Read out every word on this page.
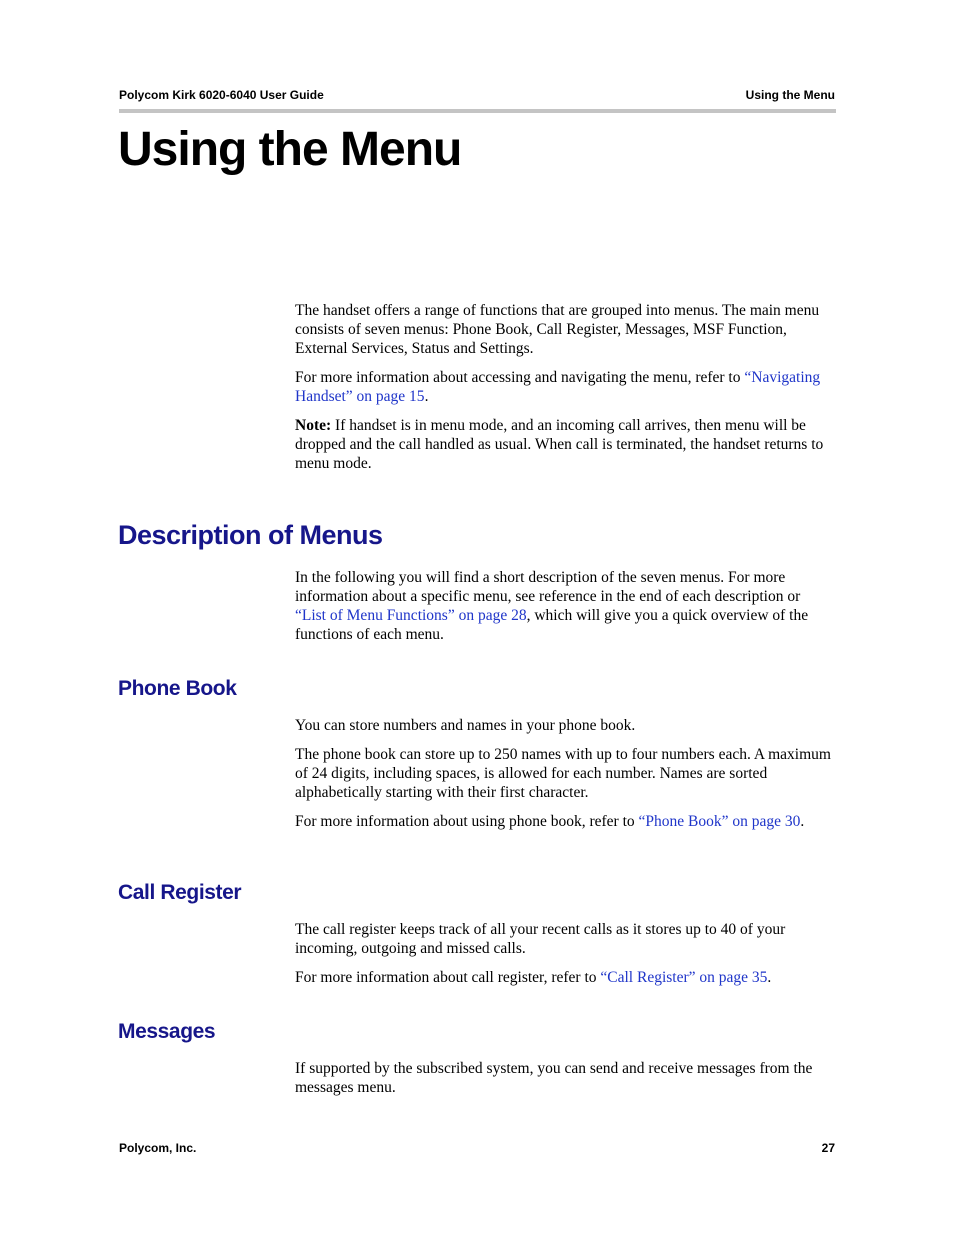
Polycom Kirk 6020-6040 User Guide	Using the Menu
Using the Menu

The handset offers a range of functions that are grouped into menus. The main menu consists of seven menus: Phone Book, Call Register, Messages, MSF Function, External Services, Status and Settings.

For more information about accessing and navigating the menu, refer to “Navigating Handset” on page 15.

Note: If handset is in menu mode, and an incoming call arrives, then menu will be dropped and the call handled as usual. When call is terminated, the handset returns to menu mode.

Description of Menus

In the following you will find a short description of the seven menus. For more information about a specific menu, see reference in the end of each description or “List of Menu Functions” on page 28, which will give you a quick overview of the functions of each menu.

Phone Book

You can store numbers and names in your phone book.

The phone book can store up to 250 names with up to four numbers each. A maximum of 24 digits, including spaces, is allowed for each number. Names are sorted alphabetically starting with their first character.

For more information about using phone book, refer to “Phone Book” on page 30.

Call Register

The call register keeps track of all your recent calls as it stores up to 40 of your incoming, outgoing and missed calls.

For more information about call register, refer to “Call Register” on page 35.

Messages

If supported by the subscribed system, you can send and receive messages from the messages menu.

Polycom, Inc.	27
